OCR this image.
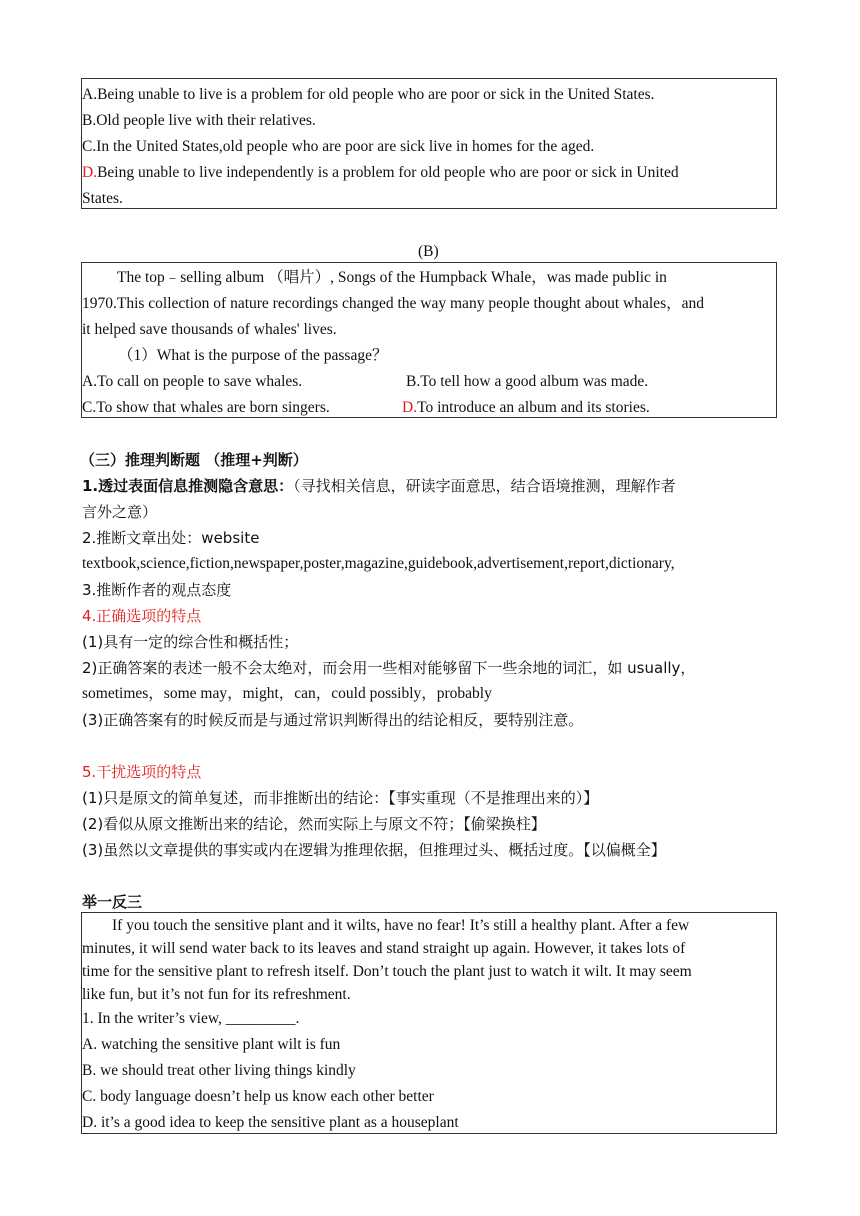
A.Being unable to live is a problem for old people who are poor or sick in the United States.
B.Old people live with their relatives.
C.In the United States,old people who are poor are sick live in homes for the aged.
D.Being unable to live independently is a problem for old people who are poor or sick in United
States.
(B)
The top﹣selling album （唱片）, Songs of the Humpback Whale，was made public in
1970.This collection of nature recordings changed the way many people thought about whales，and
it helped save thousands of whales' lives.
（1）What is the purpose of the passage？
A.To call on people to save whales.	B.To tell how a good album was made.
C.To show that whales are born singers.	D.To introduce an album and its stories.
（三）推理判断题 （推理+判断）
1.透过表面信息推测隐含意思：（寻找相关信息，研读字面意思，结合语境推测，理解作者
言外之意）
2.推断文章出处：website
textbook,science,fiction,newspaper,poster,magazine,guidebook,advertisement,report,dictionary,
3.推断作者的观点态度
4.正确选项的特点
(1)具有一定的综合性和概括性；
2)正确答案的表述一般不会太绝对，而会用一些相对能够留下一些余地的词汇，如 usually，
sometimes，some may，might，can，could possibly，probably
(3)正确答案有的时候反而是与通过常识判断得出的结论相反，要特别注意。
5.干扰选项的特点
(1)只是原文的简单复述，而非推断出的结论：【事实重现（不是推理出来的）】
(2)看似从原文推断出来的结论，然而实际上与原文不符；【偷梁换柱】
(3)虽然以文章提供的事实或内在逻辑为推理依据，但推理过头、概括过度。【以偏概全】
举一反三
If you touch the sensitive plant and it wilts, have no fear! It’s still a healthy plant. After a few
minutes, it will send water back to its leaves and stand straight up again. However, it takes lots of
time for the sensitive plant to refresh itself. Don’t touch the plant just to watch it wilt. It may seem
like fun, but it’s not fun for its refreshment.
1. In the writer’s view, _________.
A. watching the sensitive plant wilt is fun
B. we should treat other living things kindly
C. body language doesn’t help us know each other better
D. it’s a good idea to keep the sensitive plant as a houseplant
